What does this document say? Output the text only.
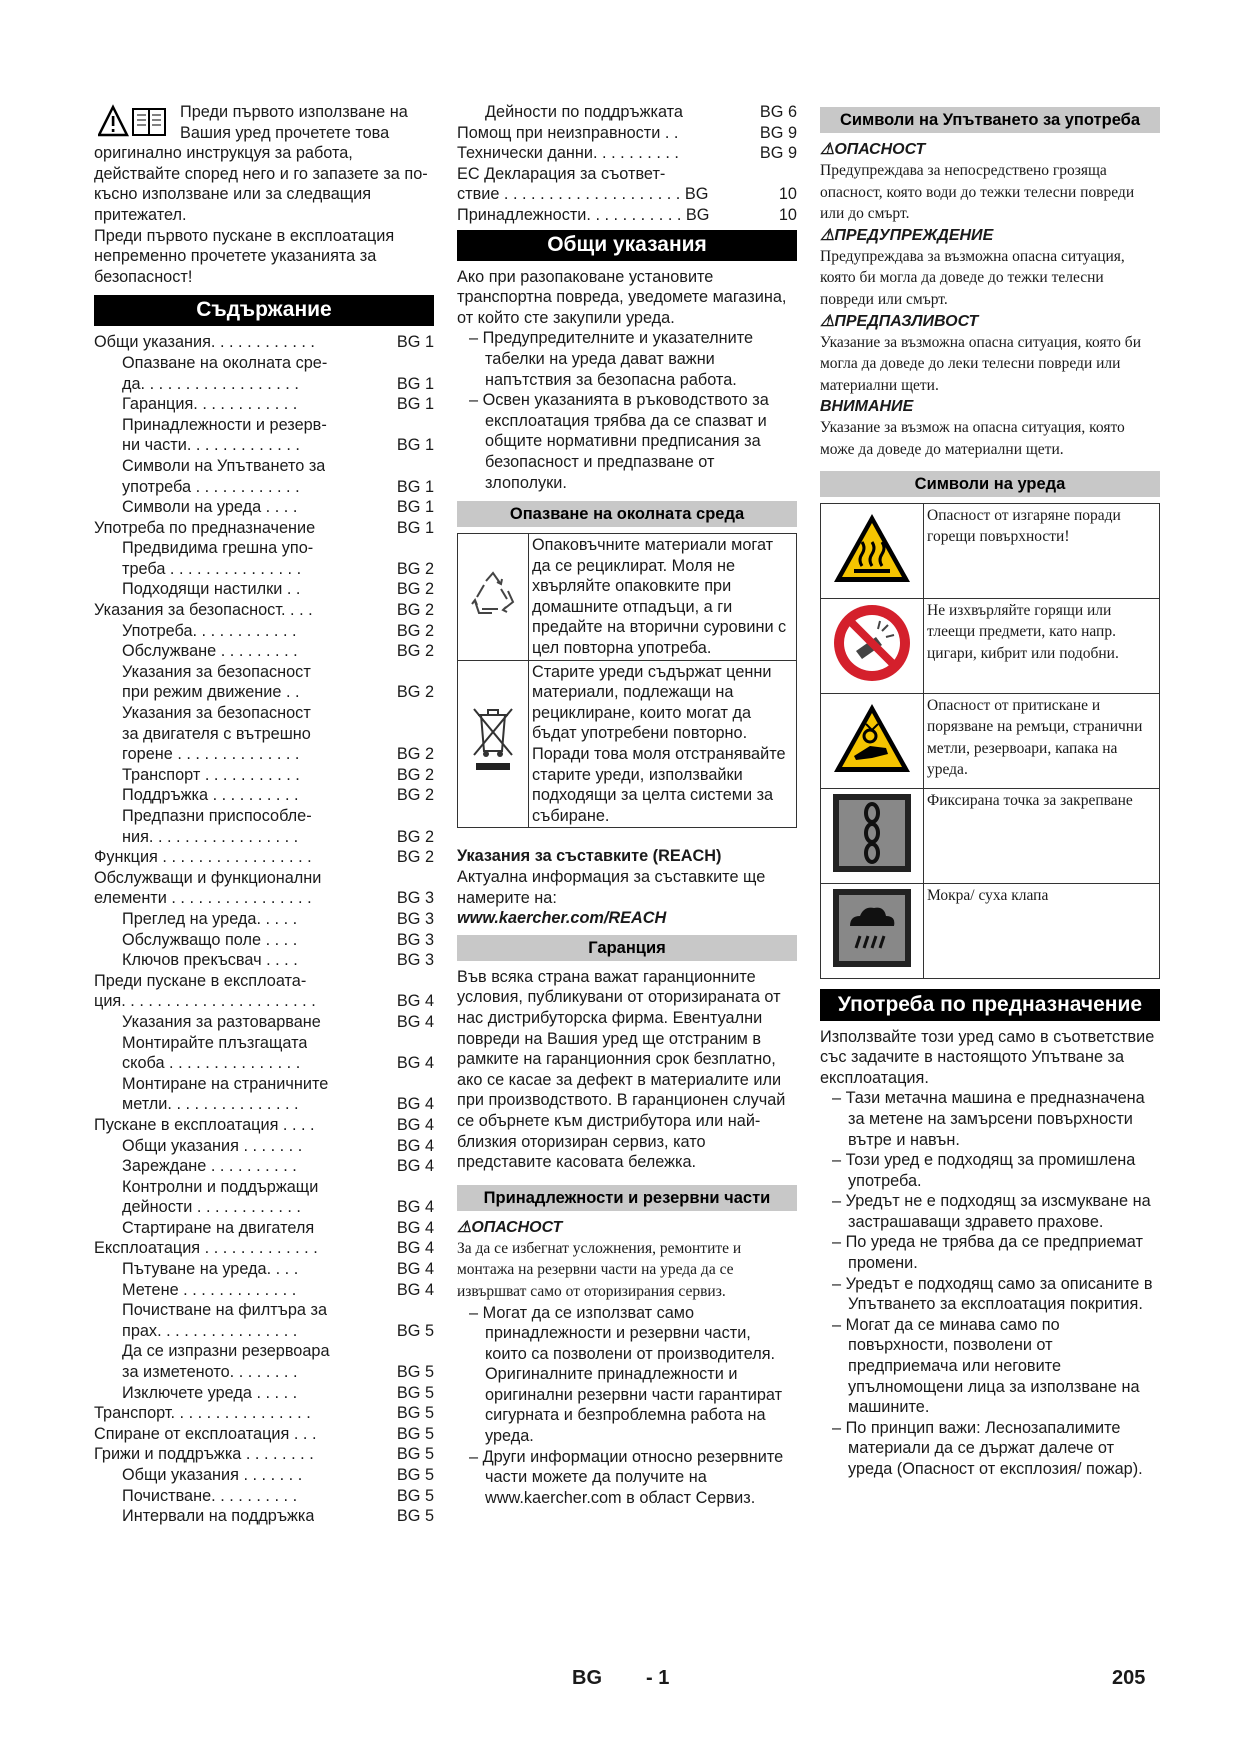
Преди първото използване на

Вашия уред прочетете това

оригинално инструкцуя за работа, действайте според него и го запазете за по-късно използване или за следващия притежател.

Преди първото пускане в експлоатация непременно прочетете указанията за безопасност!

Съдържание
Общи указания. . . . . . . . . . . .	BG 1
Опазване на околната сре-
да. . . . . . . . . . . . . . . . . .	BG 1
Гаранция. . . . . . . . . . . .	BG 1
Принадлежности и резерв-
ни части. . . . . . . . . . . . .	BG 1
Символи на Упътването за
употреба . . . . . . . . . . . .	BG 1
Символи на уреда . . . .	BG 1
Употреба по предназначение	BG 1
Предвидима грешна упо-
треба . . . . . . . . . . . . . . .	BG 2
Подходящи настилки . .	BG 2
Указания за безопасност. . . .	BG 2
Употреба. . . . . . . . . . . .	BG 2
Обслужване . . . . . . . . .	BG 2
Указания за безопасност
при режим движение . .	BG 2
Указания за безопасност
за двигателя с вътрешно
горене . . . . . . . . . . . . . .	BG 2
Транспорт . . . . . . . . . . .	BG 2
Поддръжка . . . . . . . . . .	BG 2
Предпазни приспособле-
ния. . . . . . . . . . . . . . . . .	BG 2
Функция . . . . . . . . . . . . . . . . .	BG 2
Обслужващи и функционални
елементи . . . . . . . . . . . . . . . .	BG 3
Преглед на уреда. . . . .	BG 3
Обслужващо поле . . . .	BG 3
Ключов прекъсвач . . . .	BG 3
Преди пускане в експлоата-
ция. . . . . . . . . . . . . . . . . . . . . .	BG 4
Указания за разтоварване	BG 4
Монтирайте плъзгащата
скоба . . . . . . . . . . . . . . .	BG 4
Монтиране на страничните
метли. . . . . . . . . . . . . . .	BG 4
Пускане в експлоатация . . . .	BG 4
Общи указания . . . . . . .	BG 4
Зареждане . . . . . . . . . .	BG 4
Контролни и поддържащи
дейности . . . . . . . . . . . .	BG 4
Стартиране на двигателя	BG 4
Експлоатация . . . . . . . . . . . . .	BG 4
Пътуване на уреда. . . .	BG 4
Метене . . . . . . . . . . . . .	BG 4
Почистване на филтъра за
прах. . . . . . . . . . . . . . . .	BG 5
Да се изпразни резервоара
за изметеното. . . . . . . .	BG 5
Изключете уреда . . . . .	BG 5
Транспорт. . . . . . . . . . . . . . . .	BG 5
Спиране от експлоатация . . .	BG 5
Грижи и поддръжка . . . . . . . .	BG 5
Общи указания . . . . . . .	BG 5
Почистване. . . . . . . . . .	BG 5
Интервали на поддръжка	BG 5
Дейности по поддръжката	BG 6
Помощ при неизправности . .	BG 9
Технически данни. . . . . . . . . .	BG 9
ЕС Декларация за съответ-
ствие . . . . . . . . . . . . . . . . . . . . BG	10
Принадлежности. . . . . . . . . . . BG	10
Общи указания

Ако при разопаковане установите транспортна повреда, уведомете магазина, от който сте закупили уреда.

– Предупредителните и указателните табелки на уреда дават важни напътствия за безопасна работа.

– Освен указанията в ръководството за експлоатация трябва да се спазват и общите нормативни предписания за безопасност и предпазване от злополуки.

Опазване на околната среда
	Опаковъчните материали могат да се рециклират. Моля не хвърляйте опаковките при домашните отпадъци, а ги предайте на вторични суровини с цел повторна употреба.
	Старите уреди съдържат ценни материали, подлежащи на рециклиране, които могат да бъдат употребени повторно. Поради това моля отстранявайте старите уреди, използвайки подходящи за целта системи за събиране.

Указания за съставките (REACH)

Актуална информация за съставките ще намерите на:

www.kaercher.com/REACH

Гаранция

Във всяка страна важат гаранционните условия, публикувани от оторизираната от нас дистрибуторска фирма. Евентуални повреди на Вашия уред ще отстраним в рамките на гаранционния срок безплатно, ако се касае за дефект в материалите или при производството. В гаранционен случай се обърнете към дистрибутора или най-близкия оторизиран сервиз, като представите касовата бележка.

Принадлежности и резервни части

⚠ОПАСНОСТ

За да се избегнат усложнения, ремонтите и монтажа на резервни части на уреда да се извършват само от оторизирания сервиз.

– Могат да се използват само принадлежности и резервни части, които са позволени от производителя. Оригиналните принадлежности и оригинални резервни части гарантират сигурната и безпроблемна работа на уреда.

– Други информации относно резервните части можете да получите на www.kaercher.com в област Сервиз.

Символи на Упътването за употреба

⚠ОПАСНОСТ

Предупреждава за непосредствено грозяща опасност, която води до тежки телесни повреди или до смърт.

⚠ПРЕДУПРЕЖДЕНИЕ

Предупреждава за възможна опасна ситуация, която би могла да доведе до тежки телесни повреди или смърт.

⚠ПРЕДПАЗЛИВОСТ

Указание за възможна опасна ситуация, която би могла да доведе до леки телесни повреди или материални щети.

ВНИМАНИЕ

Указание за възмож на опасна ситуация, която може да доведе до материални щети.

Символи на уреда
	Опасност от изгаряне поради горещи повърхности!
	Не изхвърляйте горящи или тлеещи предмети, като напр. цигари, кибрит или подобни.
	Опасност от притискане и порязване на ремъци, странични метли, резервоари, капака на уреда.
	Фиксирана точка за закрепване
	Мокра/ суха клапа
Употреба по предназначение

Използвайте този уред само в съответствие със задачите в настоящото Упътване за експлоатация.

– Тази метачна машина е предназначена за метене на замърсени повърхности вътре и навън.

– Този уред е подходящ за промишлена употреба.

– Уредът не е подходящ за изсмукване на застрашаващи здравето прахове.

– По уреда не трябва да се предприемат промени.

– Уредът е подходящ само за описаните в Упътването за експлоатация покрития.

– Могат да се минава само по повърхности, позволени от предприемача или неговите упълномощени лица за използване на машините.

– По принцип важи: Леснозапалимите материали да се държат далече от уреда (Опасност от експлозия/ пожар).

BG - 1	205
